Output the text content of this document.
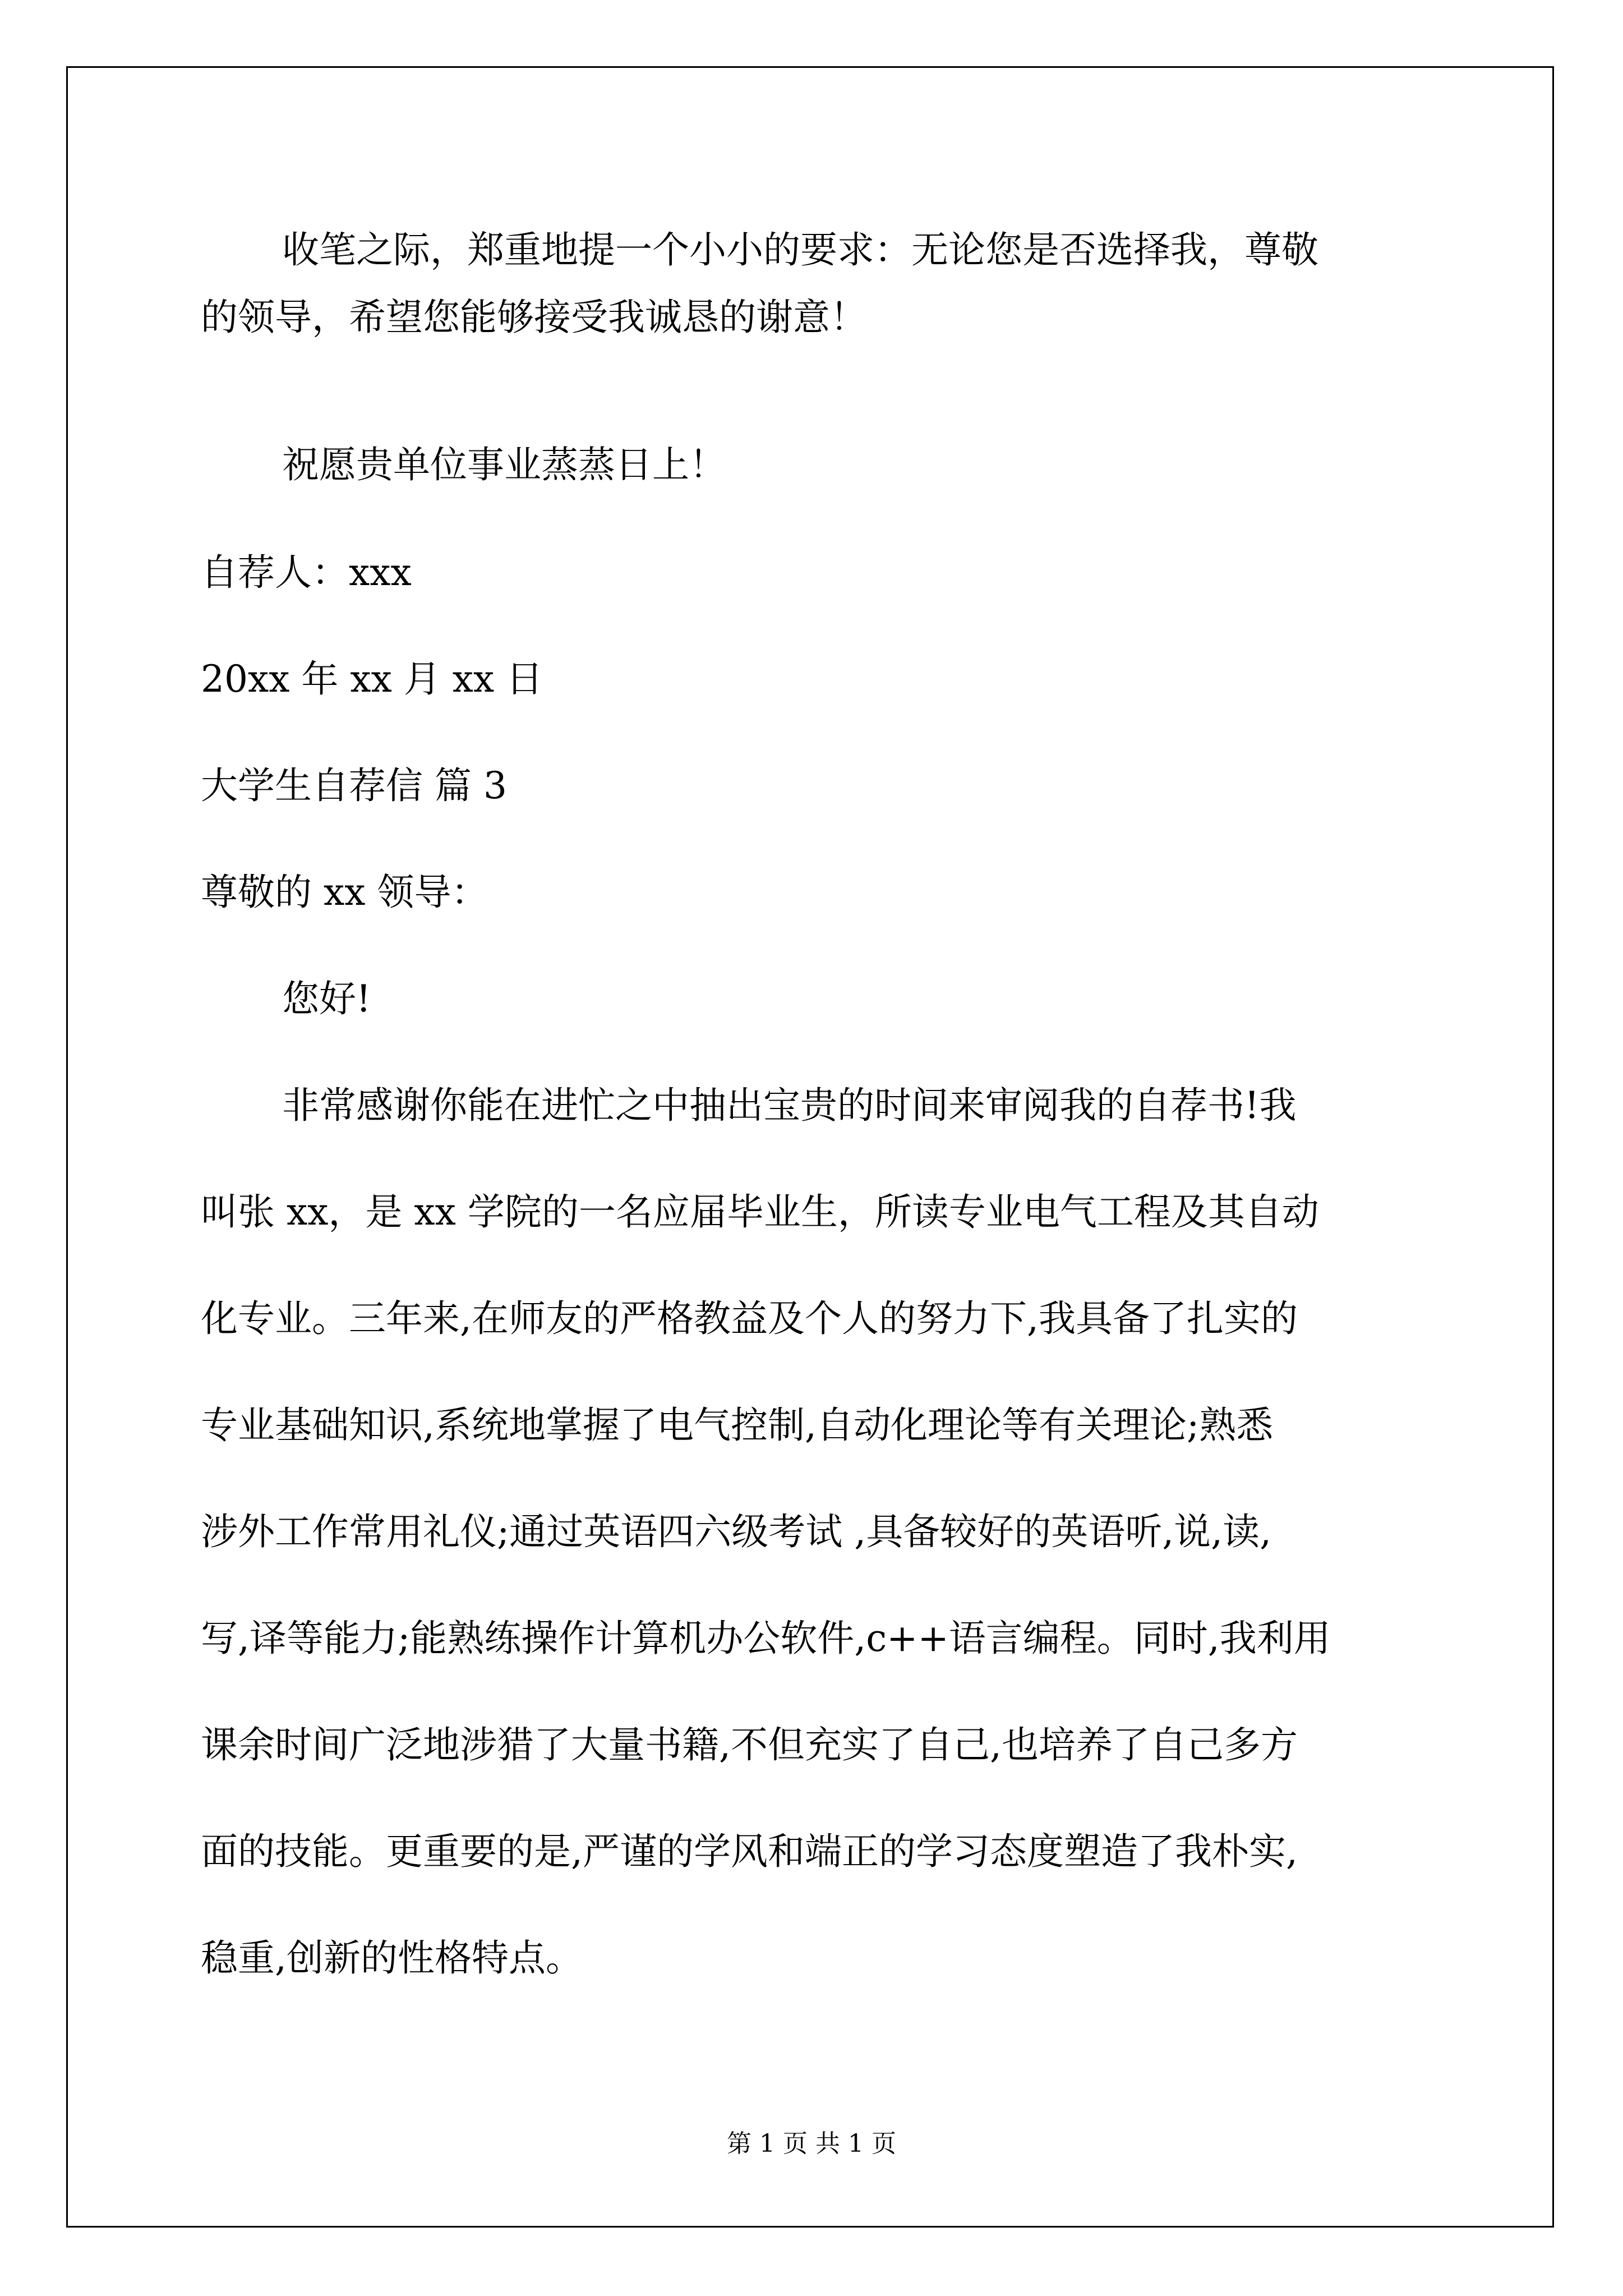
收笔之际，郑重地提一个小小的要求：无论您是否选择我，尊敬
的领导，希望您能够接受我诚恳的谢意！
祝愿贵单位事业蒸蒸日上！
自荐人：xxx
20xx 年 xx 月 xx 日
大学生自荐信 篇 3
尊敬的 xx 领导：
您好!
非常感谢你能在进忙之中抽出宝贵的时间来审阅我的自荐书!我
叫张 xx，是 xx 学院的一名应届毕业生，所读专业电气工程及其自动
化专业。三年来,在师友的严格教益及个人的努力下,我具备了扎实的
专业基础知识,系统地掌握了电气控制,自动化理论等有关理论;熟悉
涉外工作常用礼仪;通过英语四六级考试 ,具备较好的英语听,说,读,
写,译等能力;能熟练操作计算机办公软件,c++语言编程。同时,我利用
课余时间广泛地涉猎了大量书籍,不但充实了自己,也培养了自己多方
面的技能。更重要的是,严谨的学风和端正的学习态度塑造了我朴实,
稳重,创新的性格特点。
第 1 页 共 1 页
